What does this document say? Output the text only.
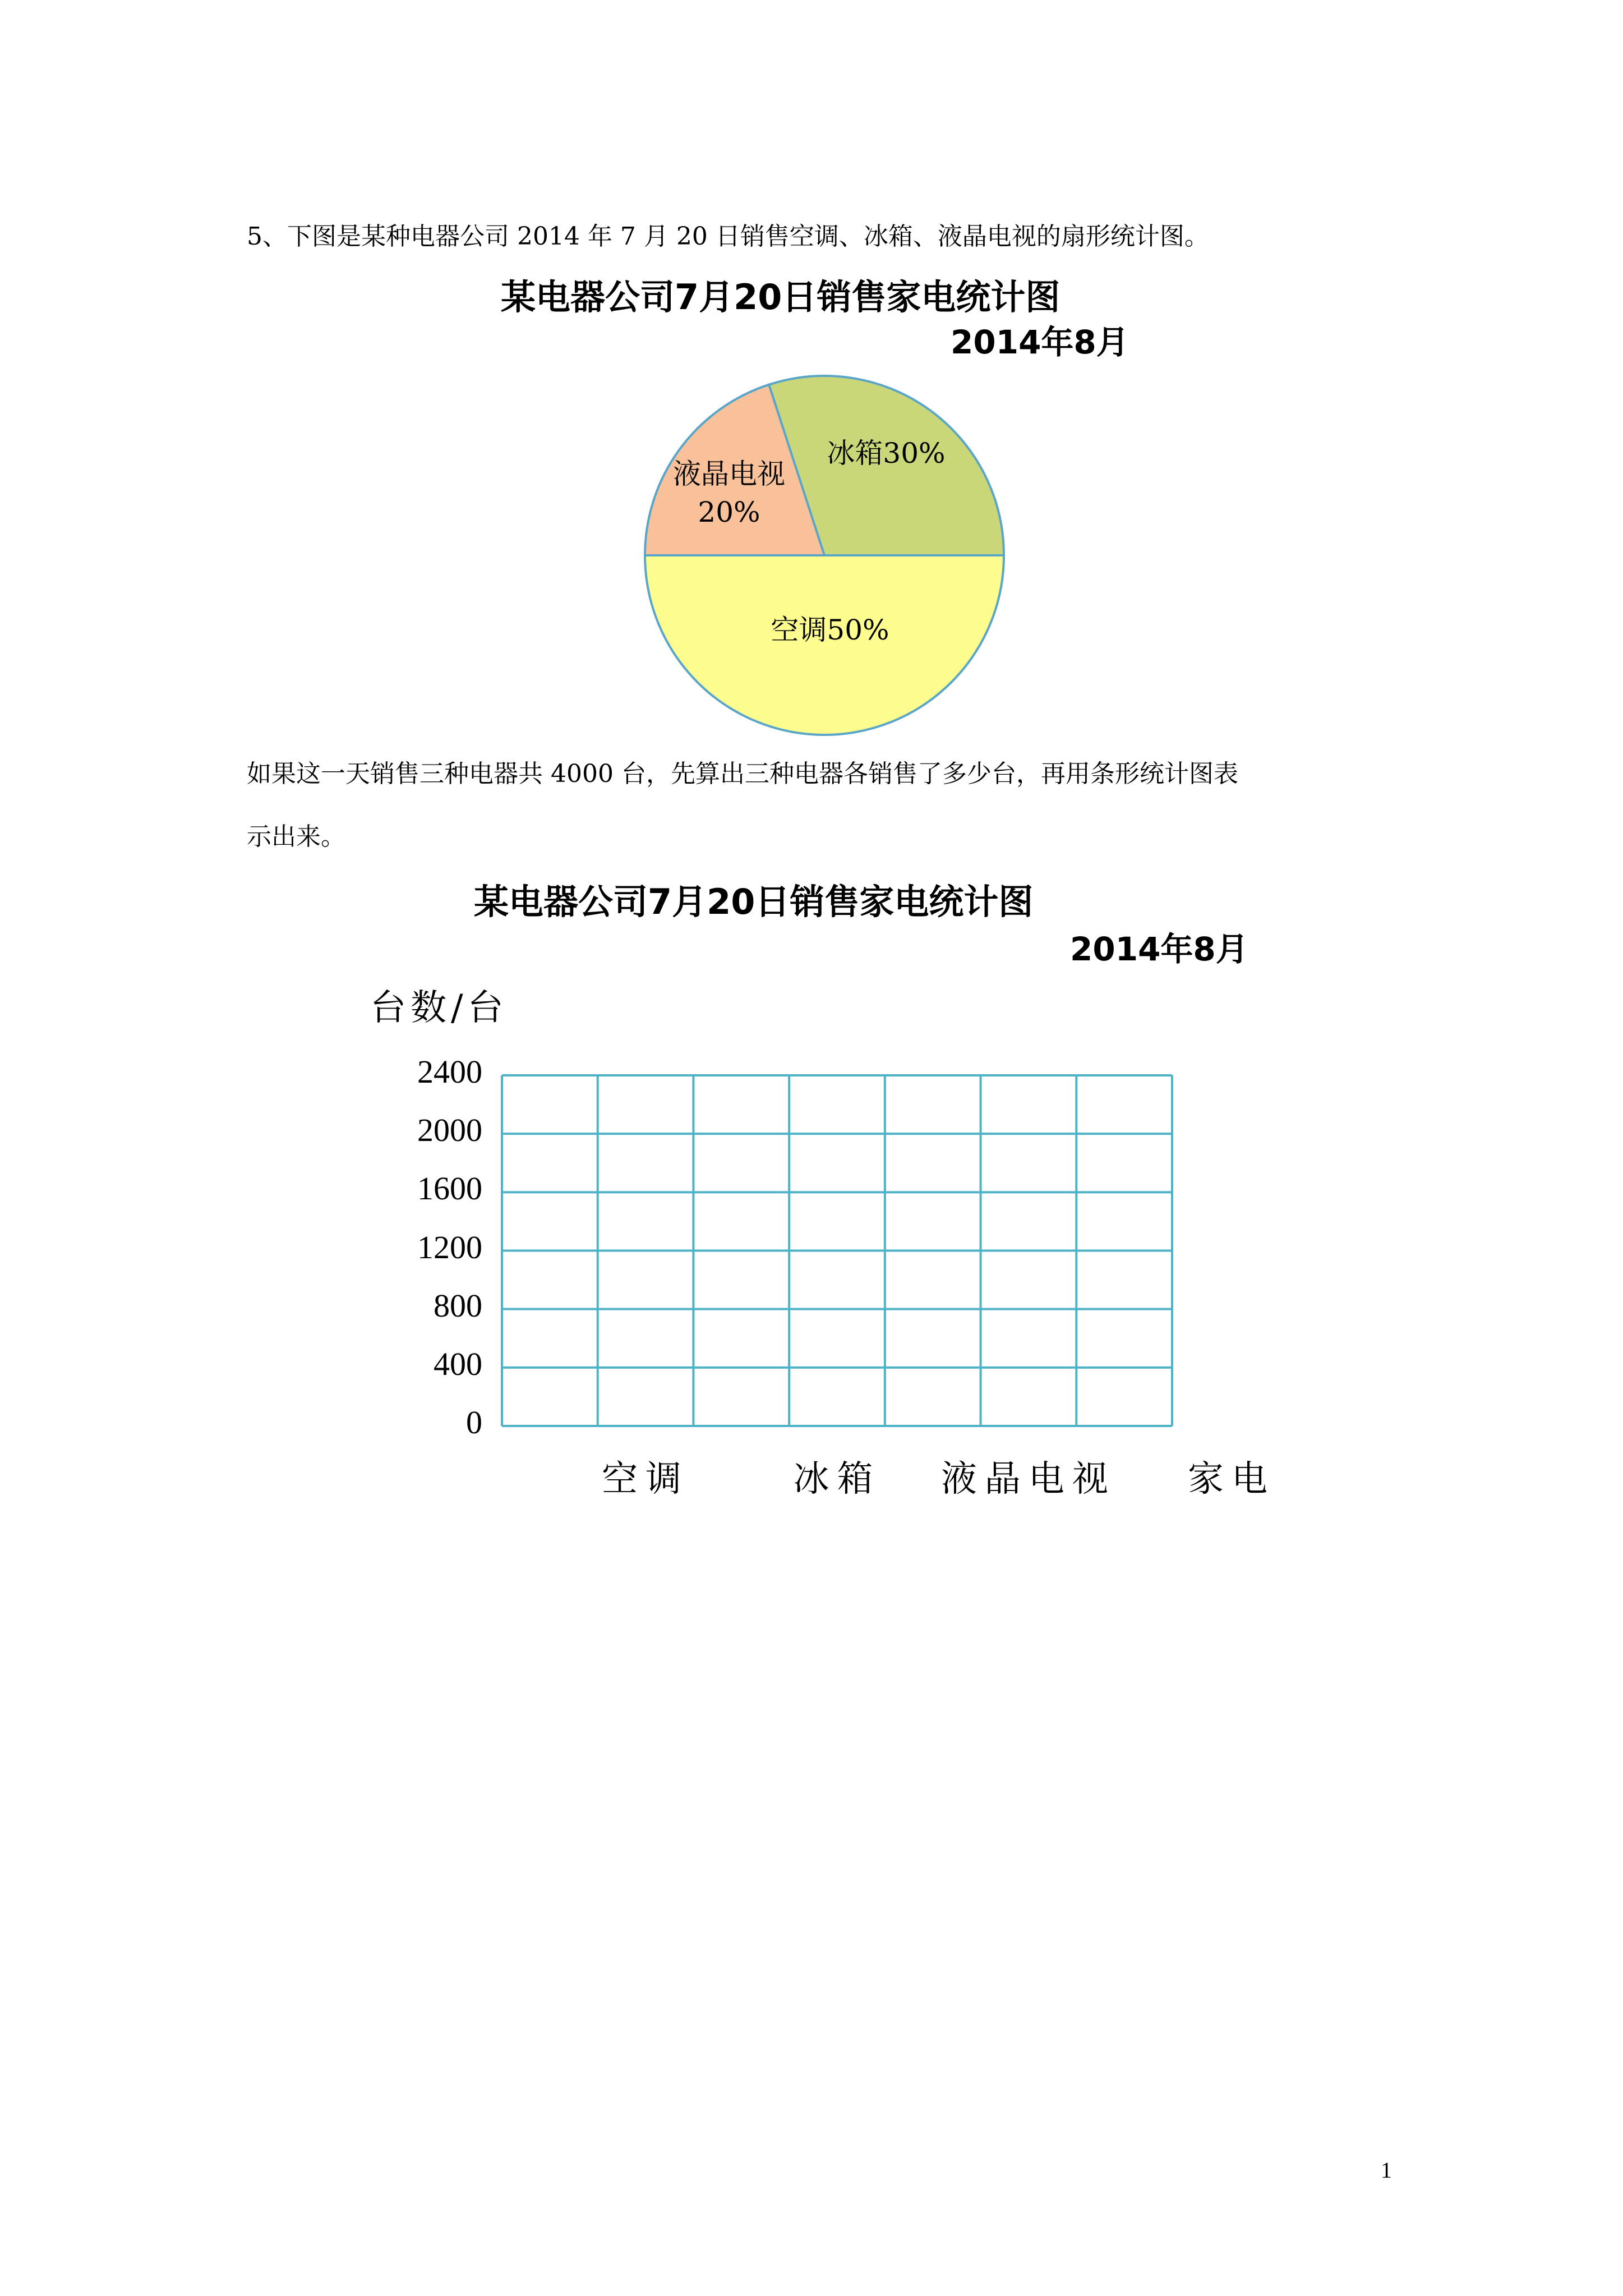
5、下图是某种电器公司 2014 年 7 月 20 日销售空调、冰箱、液晶电视的扇形统计图。
某电器公司7月20日销售家电统计图
2014年8月
冰箱30%
液晶电视
20%
空调50%
如果这一天销售三种电器共 4000 台，先算出三种电器各销售了多少台，再用条形统计图表
示出来。
某电器公司7月20日销售家电统计图
2014年8月
台数/台
0
400
800
1200
1600
2000
2400
空调	冰箱 液晶电视 家电
1
